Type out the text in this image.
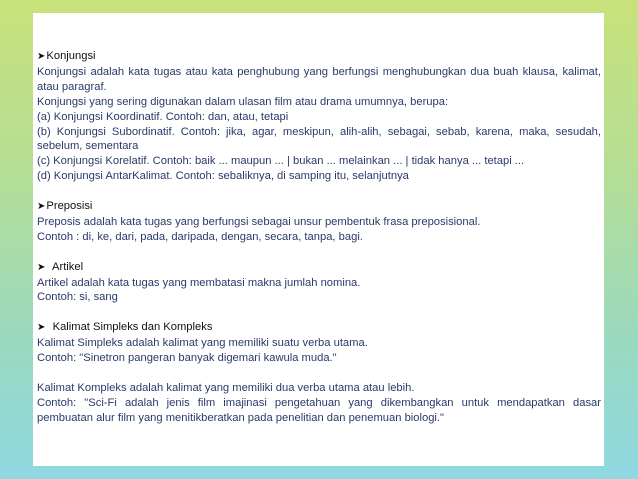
➤Konjungsi
Konjungsi adalah kata tugas atau kata penghubung yang berfungsi menghubungkan dua buah klausa, kalimat, atau paragraf.
Konjungsi yang sering digunakan dalam ulasan film atau drama umumnya, berupa:
(a) Konjungsi Koordinatif. Contoh: dan, atau, tetapi
(b) Konjungsi Subordinatif. Contoh: jika, agar, meskipun, alih-alih, sebagai, sebab, karena, maka, sesudah, sebelum, sementara
(c) Konjungsi Korelatif. Contoh: baik ... maupun ... | bukan ... melainkan ... | tidak hanya ... tetapi ...
(d) Konjungsi AntarKalimat. Contoh: sebaliknya, di samping itu, selanjutnya
➤Preposisi
Preposis adalah kata tugas yang berfungsi sebagai unsur pembentuk frasa preposisional.
Contoh : di, ke, dari, pada, daripada, dengan, secara, tanpa, bagi.
➤ Artikel
Artikel adalah kata tugas yang membatasi makna jumlah nomina.
Contoh: si, sang
➤ Kalimat Simpleks dan Kompleks
Kalimat Simpleks adalah kalimat yang memiliki suatu verba utama.
Contoh: "Sinetron pangeran banyak digemari kawula muda."
Kalimat Kompleks adalah kalimat yang memiliki dua verba utama atau lebih.
Contoh: "Sci-Fi adalah jenis film imajinasi pengetahuan yang dikembangkan untuk mendapatkan dasar pembuatan alur film yang menitikberatkan pada penelitian dan penemuan biologi."
